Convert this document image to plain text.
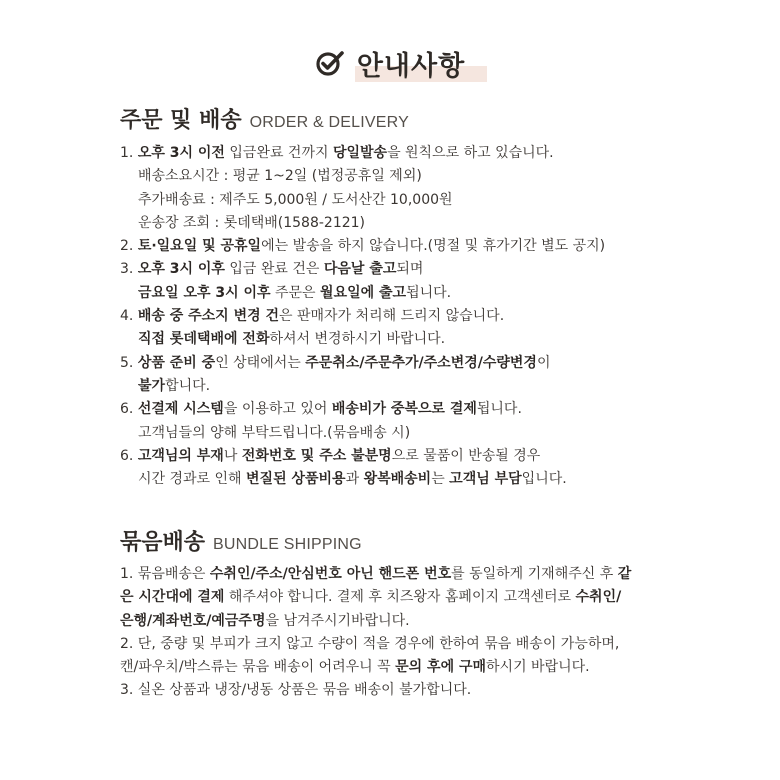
안내사항
주문 및 배송 ORDER & DELIVERY
1. 오후 3시 이전 입금완료 건까지 당일발송을 원칙으로 하고 있습니다.
배송소요시간 : 평균 1~2일 (법정공휴일 제외)
추가배송료 : 제주도 5,000원 / 도서산간 10,000원
운송장 조회 : 롯데택배(1588-2121)
2. 토·일요일 및 공휴일에는 발송을 하지 않습니다.(명절 및 휴가기간 별도 공지)
3. 오후 3시 이후 입금 완료 건은 다음날 출고되며
금요일 오후 3시 이후 주문은 월요일에 출고됩니다.
4. 배송 중 주소지 변경 건은 판매자가 처리해 드리지 않습니다.
직접 롯데택배에 전화하셔서 변경하시기 바랍니다.
5. 상품 준비 중인 상태에서는 주문취소/주문추가/주소변경/수량변경이
불가합니다.
6. 선결제 시스템을 이용하고 있어 배송비가 중복으로 결제됩니다.
고객님들의 양해 부탁드립니다.(묶음배송 시)
6. 고객님의 부재나 전화번호 및 주소 불분명으로 물품이 반송될 경우
시간 경과로 인해 변질된 상품비용과 왕복배송비는 고객님 부담입니다.
묶음배송 BUNDLE SHIPPING
1. 묶음배송은 수취인/주소/안심번호 아닌 핸드폰 번호를 동일하게 기재해주신 후 같은 시간대에 결제 해주셔야 합니다. 결제 후 치즈왕자 홈페이지 고객센터로 수취인/은행/계좌번호/예금주명을 남겨주시기바랍니다.
2. 단, 중량 및 부피가 크지 않고 수량이 적을 경우에 한하여 묶음 배송이 가능하며, 캔/파우치/박스류는 묶음 배송이 어려우니 꼭 문의 후에 구매하시기 바랍니다.
3. 실온 상품과 냉장/냉동 상품은 묶음 배송이 불가합니다.
